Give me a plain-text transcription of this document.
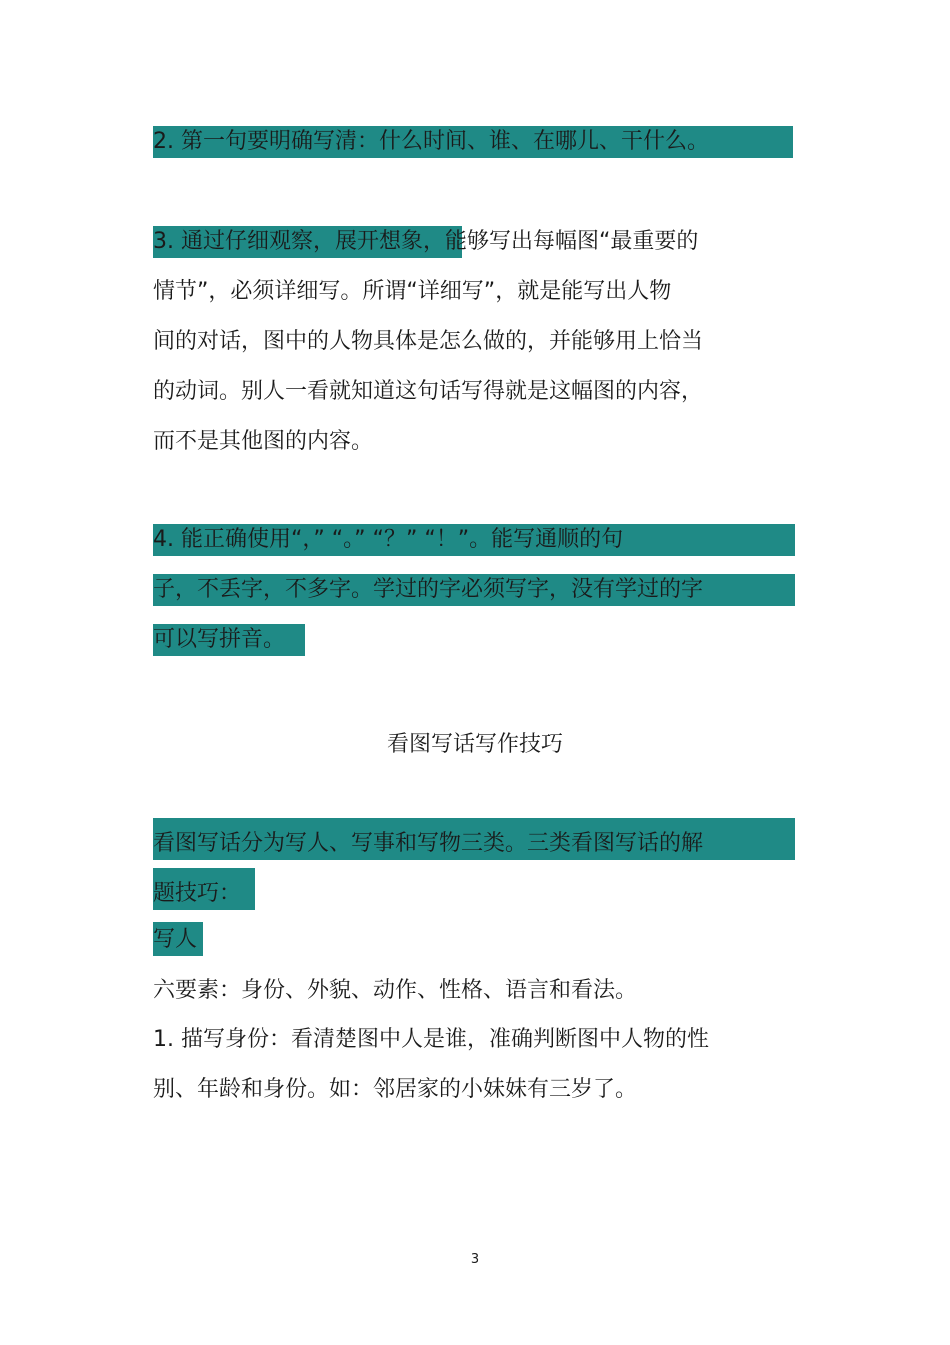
2. 第一句要明确写清：什么时间、谁、在哪儿、干什么。
3. 通过仔细观察，展开想象，能够写出每幅图“最重要的
情节”，必须详细写。所谓“详细写”，就是能写出人物
间的对话，图中的人物具体是怎么做的，并能够用上恰当
的动词。别人一看就知道这句话写得就是这幅图的内容，
而不是其他图的内容。
4. 能正确使用“，” “。” “？” “！”。能写通顺的句
子，不丢字，不多字。学过的字必须写字，没有学过的字
可以写拼音。
看图写话写作技巧
看图写话分为写人、写事和写物三类。三类看图写话的解
题技巧：
写人
六要素：身份、外貌、动作、性格、语言和看法。
1. 描写身份：看清楚图中人是谁，准确判断图中人物的性
别、年龄和身份。如：邻居家的小妹妹有三岁了。
3
